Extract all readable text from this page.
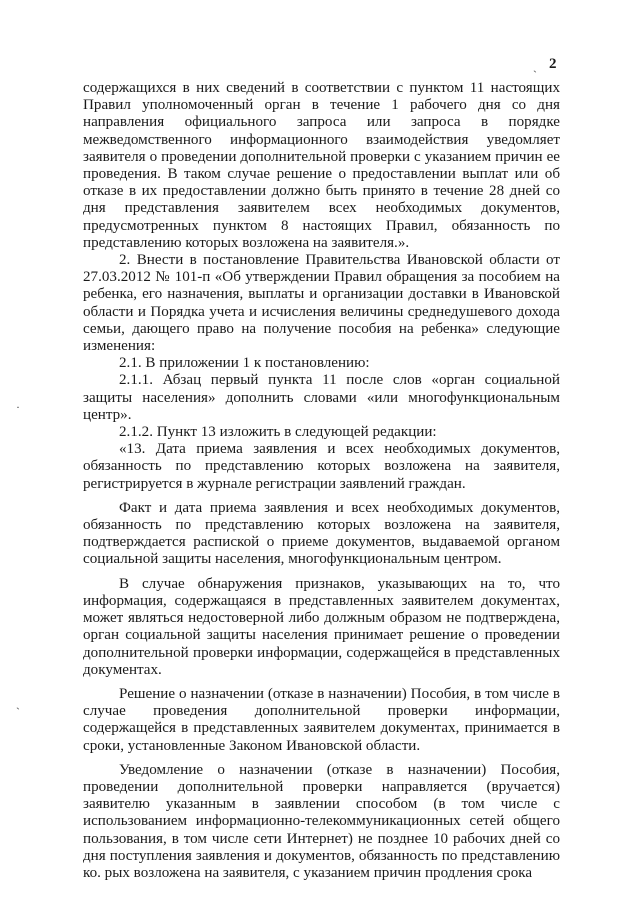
2
ˎ
·
ˏ

содержащихся в них сведений в соответствии с пунктом 11 настоящих Правил уполномоченный орган в течение 1 рабочего дня со дня направления официального запроса или запроса в порядке межведомственного информационного взаимодействия уведомляет заявителя о проведении дополнительной проверки с указанием причин ее проведения. В таком случае решение о предоставлении выплат или об отказе в их предоставлении должно быть принято в течение 28 дней со дня представления заявителем всех необходимых документов, предусмотренных пунктом 8 настоящих Правил, обязанность по представлению которых возложена на заявителя.».

2. Внести в постановление Правительства Ивановской области от 27.03.2012 № 101-п «Об утверждении Правил обращения за пособием на ребенка, его назначения, выплаты и организации доставки в Ивановской области и Порядка учета и исчисления величины среднедушевого дохода семьи, дающего право на получение пособия на ребенка» следующие изменения:

2.1. В приложении 1 к постановлению:

2.1.1. Абзац первый пункта 11 после слов «орган социальной защиты населения» дополнить словами «или многофункциональным центр».

2.1.2. Пункт 13 изложить в следующей редакции:

«13. Дата приема заявления и всех необходимых документов, обязанность по представлению которых возложена на заявителя, регистрируется в журнале регистрации заявлений граждан.

Факт и дата приема заявления и всех необходимых документов, обязанность по представлению которых возложена на заявителя, подтверждается распиской о приеме документов, выдаваемой органом социальной защиты населения, многофункциональным центром.

В случае обнаружения признаков, указывающих на то, что информация, содержащаяся в представленных заявителем документах, может являться недостоверной либо должным образом не подтверждена, орган социальной защиты населения принимает решение о проведении дополнительной проверки информации, содержащейся в представленных документах.

Решение о назначении (отказе в назначении) Пособия, в том числе в случае проведения дополнительной проверки информации, содержащейся в представленных заявителем документах, принимается в сроки, установленные Законом Ивановской области.

Уведомление о назначении (отказе в назначении) Пособия, проведении дополнительной проверки направляется (вручается) заявителю указанным в заявлении способом (в том числе с использованием информационно-телекоммуникационных сетей общего пользования, в том числе сети Интернет) не позднее 10 рабочих дней со дня поступления заявления и документов, обязанность по представлению ко. рых возложена на заявителя, с указанием причин продления срока
